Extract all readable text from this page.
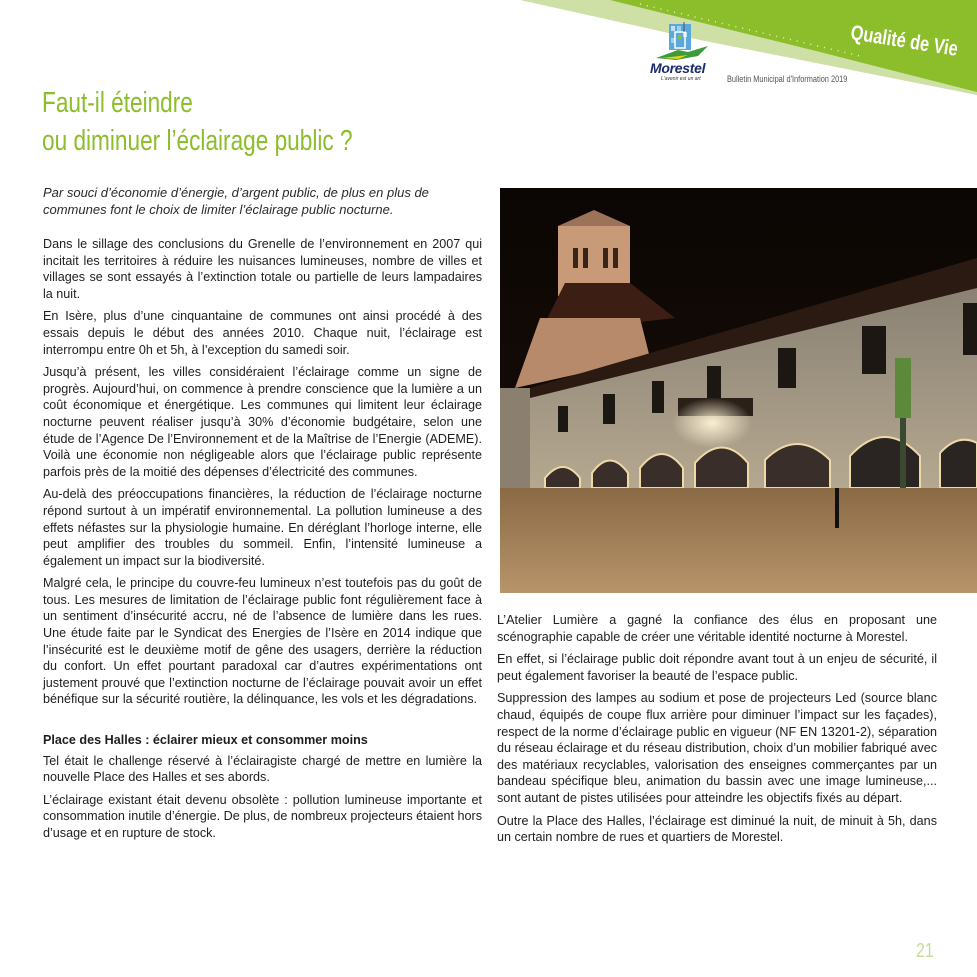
Morestel
L'avenir est un art	Bulletin Municipal d'Information 2019
Qualité de Vie
Faut-il éteindre
ou diminuer l’éclairage public ?
Par souci d’économie d’énergie, d’argent public, de plus en plus de communes font le choix de limiter l’éclairage public nocturne.

Dans le sillage des conclusions du Grenelle de l’environnement en 2007 qui incitait les territoires à réduire les nuisances lumineuses, nombre de villes et villages se sont essayés à l’extinction totale ou partielle de leurs lampadaires la nuit.

En Isère, plus d’une cinquantaine de communes ont ainsi procédé à des essais depuis le début des années 2010. Chaque nuit, l’éclairage est interrompu entre 0h et 5h, à l’exception du samedi soir.

Jusqu’à présent, les villes considéraient l’éclairage comme un signe de progrès. Aujourd’hui, on commence à prendre conscience que la lumière a un coût économique et énergétique. Les communes qui limitent leur éclairage nocturne peuvent réaliser jusqu’à 30% d’économie budgétaire, selon une étude de l’Agence De l’Environnement et de la Maîtrise de l’Energie (ADEME). Voilà une économie non négligeable alors que l’éclairage public représente parfois près de la moitié des dépenses d’électricité des communes.

Au-delà des préoccupations financières, la réduction de l’éclairage nocturne répond surtout à un impératif environnemental. La pollution lumineuse a des effets néfastes sur la physiologie humaine. En déréglant l’horloge interne, elle peut amplifier des troubles du sommeil. Enfin, l’intensité lumineuse a également un impact sur la biodiversité.

Malgré cela, le principe du couvre-feu lumineux n’est toutefois pas du goût de tous. Les mesures de limitation de l’éclairage public font régulièrement face à un sentiment d’insécurité accru, né de l’absence de lumière dans les rues. Une étude faite par le Syndicat des Energies de l’Isère en 2014 indique que l’insécurité est le deuxième motif de gêne des usagers, derrière la réduction du confort. Un effet pourtant paradoxal car d’autres expérimentations ont justement prouvé que l’extinction nocturne de l’éclairage pouvait avoir un effet bénéfique sur la sécurité routière, la délinquance, les vols et les dégradations.

Place des Halles : éclairer mieux et consommer moins

Tel était le challenge réservé à l’éclairagiste chargé de mettre en lumière la nouvelle Place des Halles et ses abords.

L’éclairage existant était devenu obsolète : pollution lumineuse importante et consommation inutile d’énergie. De plus, de nombreux projecteurs étaient hors d’usage et en rupture de stock.

L’Atelier Lumière a gagné la confiance des élus en proposant une scénographie capable de créer une véritable identité nocturne à Morestel.

En effet, si l’éclairage public doit répondre avant tout à un enjeu de sécurité, il peut également favoriser la beauté de l’espace public.

Suppression des lampes au sodium et pose de projecteurs Led (source blanc chaud, équipés de coupe flux arrière pour diminuer l’impact sur les façades), respect de la norme d’éclairage public en vigueur (NF EN 13201-2), séparation du réseau éclairage et du réseau distribution, choix d’un mobilier fabriqué avec des matériaux recyclables, valorisation des enseignes commerçantes par un bandeau spécifique bleu, animation du bassin avec une image lumineuse,... sont autant de pistes utilisées pour atteindre les objectifs fixés au départ.

Outre la Place des Halles, l’éclairage est diminué la nuit, de minuit à 5h, dans un certain nombre de rues et quartiers de Morestel.

21
